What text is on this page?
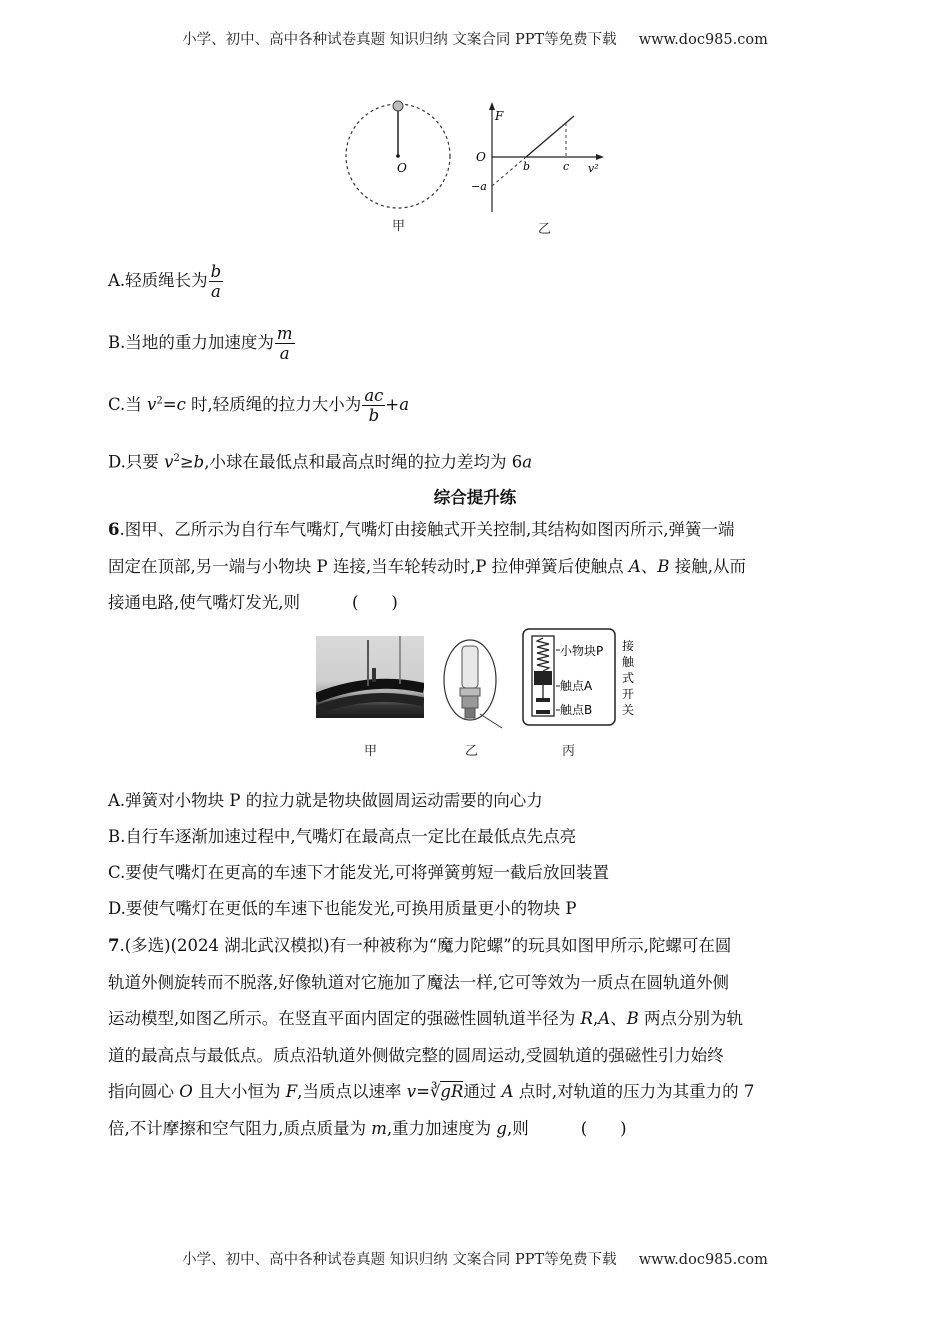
小学、初中、高中各种试卷真题 知识归纳 文案合同 PPT等免费下载 www.doc985.com
O
F
O
b	c v²
−a
甲	乙
A.轻质绳长为 $\frac{b}{a}$
B.当地的重力加速度为 $\frac{m}{a}$
C.当 $v^2=c$ 时,轻质绳的拉力大小为 $\frac{ac}{b} +a$
D.只要 $v^2\ge b$,小球在最低点和最高点时绳的拉力差均为 6a
综合提升练
6.图甲、乙所示为自行车气嘴灯,气嘴灯由接触式开关控制,其结构如图丙所示,弹簧一端
固定在顶部,另一端与小物块 P 连接,当车轮转动时,P 拉伸弹簧后使触点 A、B 接触,从而
接通电路,使气嘴灯发光,则	(　　)
小物块P
触点A
触点B
接
触
式
开
关
甲	乙	丙
A.弹簧对小物块 P 的拉力就是物块做圆周运动需要的向心力
B.自行车逐渐加速过程中,气嘴灯在最高点一定比在最低点先点亮
C.要使气嘴灯在更高的车速下才能发光,可将弹簧剪短一截后放回装置
D.要使气嘴灯在更低的车速下也能发光,可换用质量更小的物块 P
7.(多选)(2024 湖北武汉模拟)有一种被称为“魔力陀螺”的玩具如图甲所示,陀螺可在圆
轨道外侧旋转而不脱落,好像轨道对它施加了魔法一样,它可等效为一质点在圆轨道外侧
运动模型,如图乙所示。在竖直平面内固定的强磁性圆轨道半径为 R,A、B 两点分别为轨
道的最高点与最低点。质点沿轨道外侧做完整的圆周运动,受圆轨道的强磁性引力始终
指向圆心 O 且大小恒为 F,当质点以速率 v=∛gR通过 A 点时,对轨道的压力为其重力的 7
倍,不计摩擦和空气阻力,质点质量为 m,重力加速度为 g,则	(　　)
小学、初中、高中各种试卷真题 知识归纳 文案合同 PPT等免费下载 www.doc985.com
